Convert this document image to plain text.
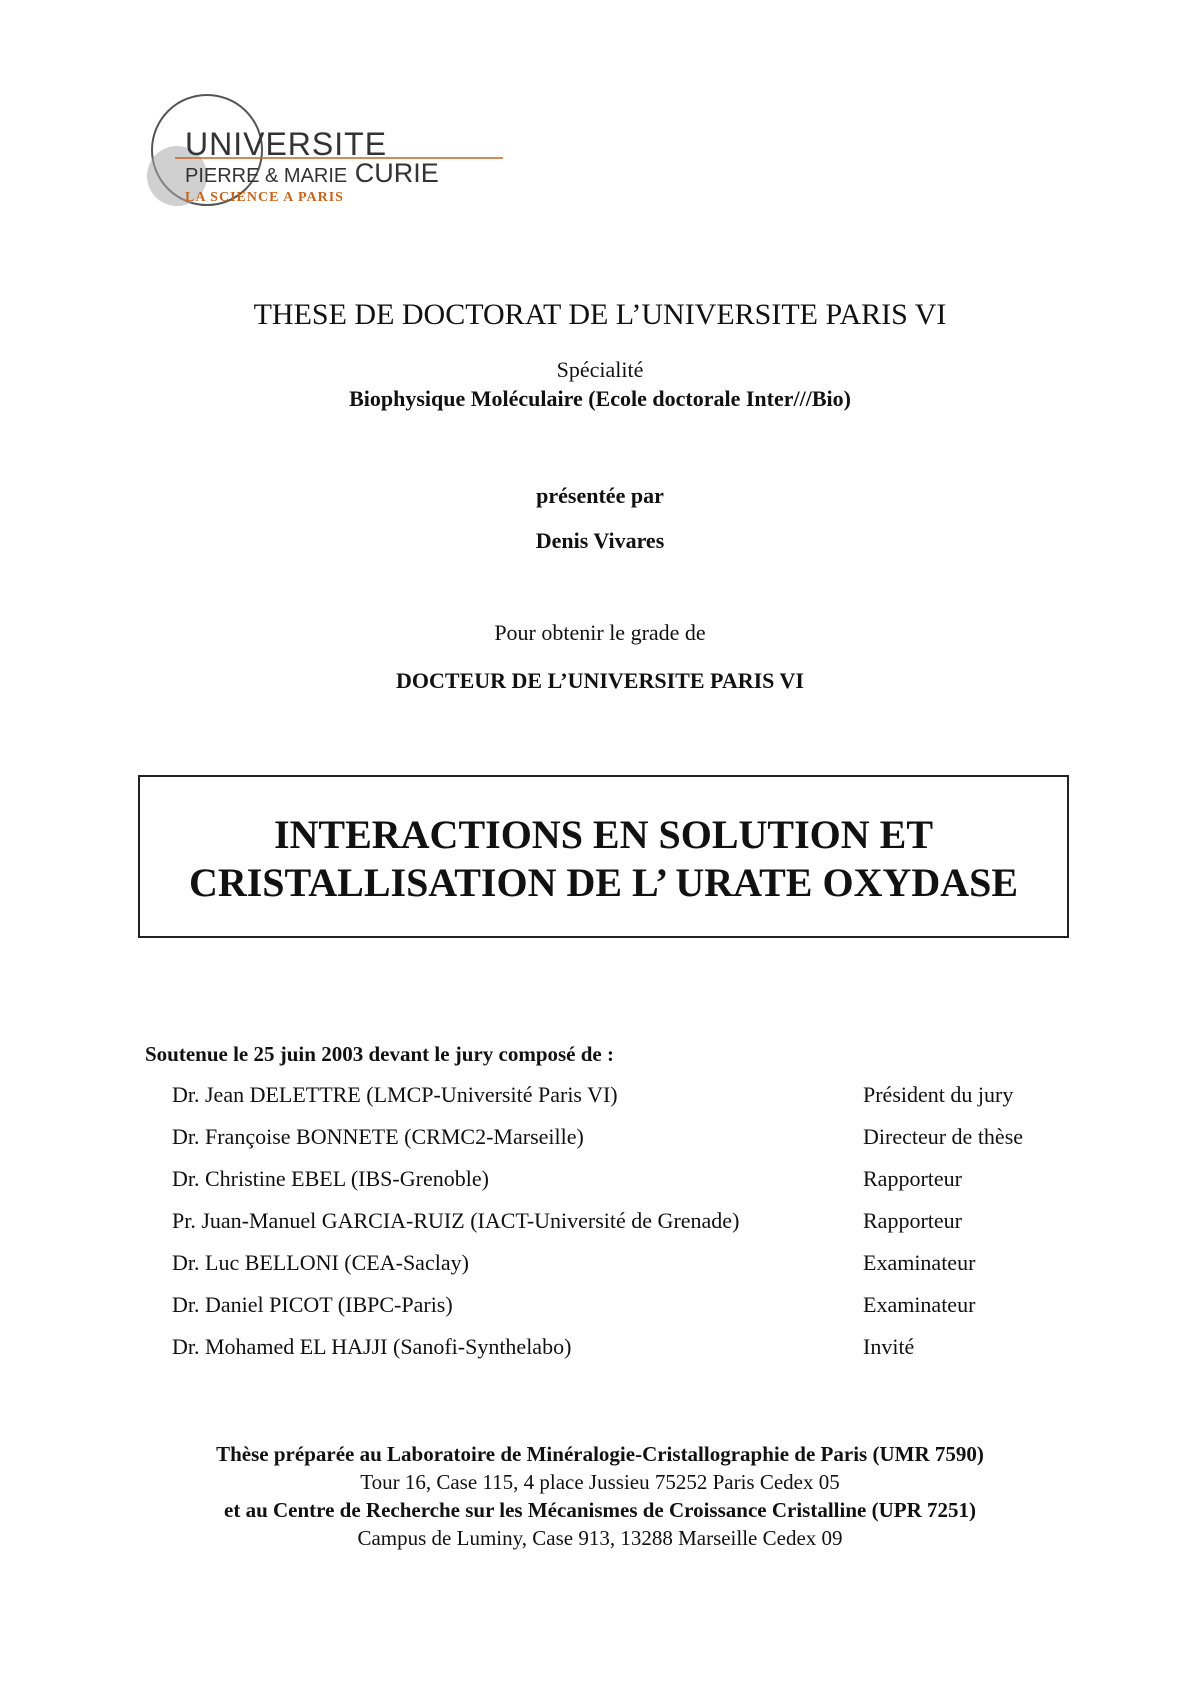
UNIVERSITE
PIERRE & MARIE CURIE
LA SCIENCE A PARIS
THESE DE DOCTORAT DE L’UNIVERSITE PARIS VI
Spécialité
Biophysique Moléculaire (Ecole doctorale Inter///Bio)
présentée par
Denis Vivares
Pour obtenir le grade de
DOCTEUR DE L’UNIVERSITE PARIS VI
INTERACTIONS EN SOLUTION ET
CRISTALLISATION DE L’ URATE OXYDASE
Soutenue le 25 juin 2003 devant le jury composé de :
Dr. Jean DELETTRE (LMCP-Université Paris VI)	Président du jury
Dr. Françoise BONNETE (CRMC2-Marseille)	Directeur de thèse
Dr. Christine EBEL (IBS-Grenoble)	Rapporteur
Pr. Juan-Manuel GARCIA-RUIZ (IACT-Université de Grenade)	Rapporteur
Dr. Luc BELLONI (CEA-Saclay)	Examinateur
Dr. Daniel PICOT (IBPC-Paris)	Examinateur
Dr. Mohamed EL HAJJI (Sanofi-Synthelabo)	Invité
Thèse préparée au Laboratoire de Minéralogie-Cristallographie de Paris (UMR 7590)
Tour 16, Case 115, 4 place Jussieu 75252 Paris Cedex 05
et au Centre de Recherche sur les Mécanismes de Croissance Cristalline (UPR 7251)
Campus de Luminy, Case 913, 13288 Marseille Cedex 09
